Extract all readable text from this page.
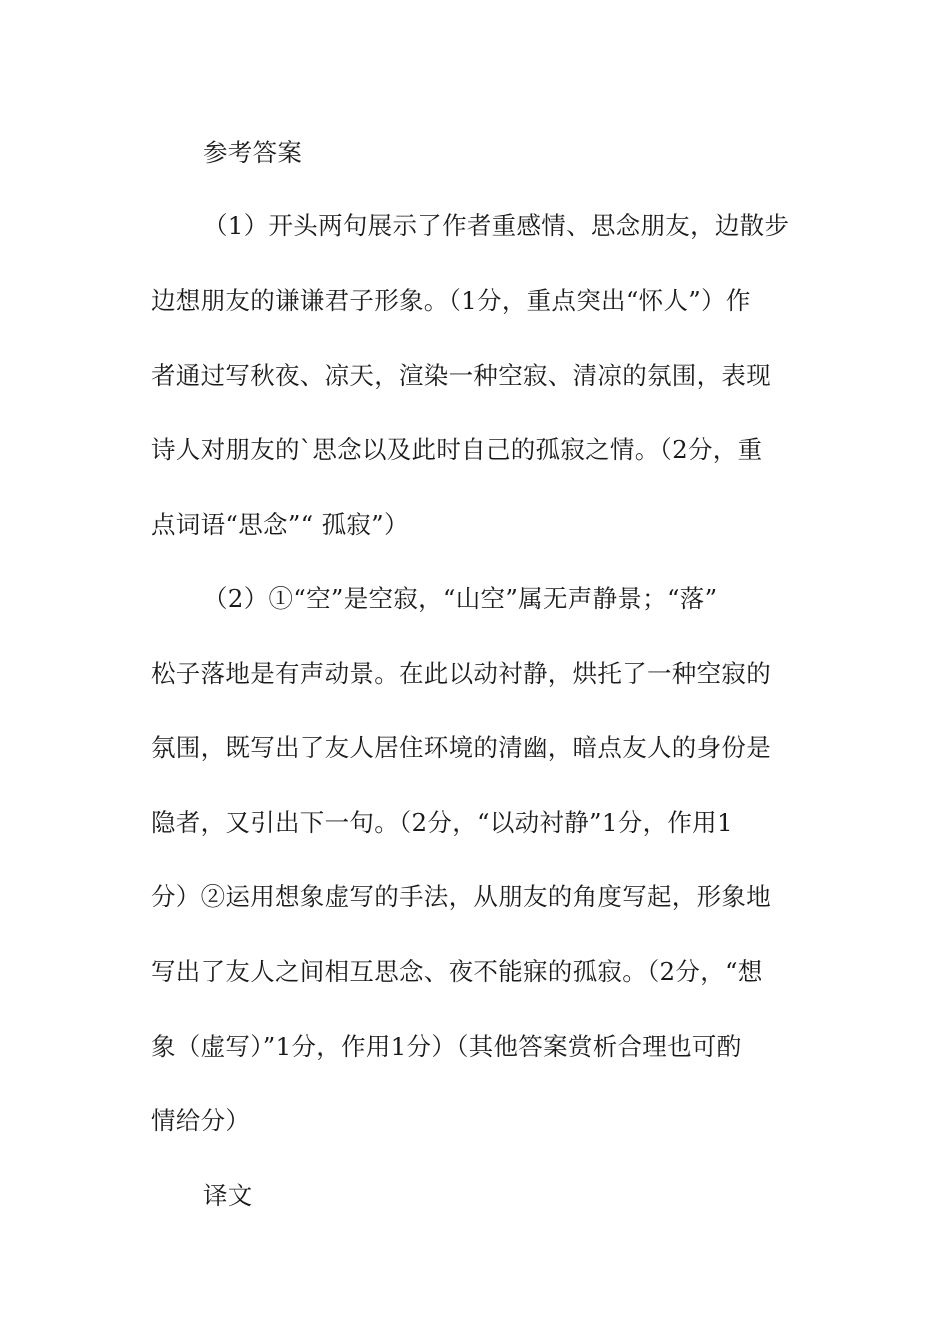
参考答案
（1）开头两句展示了作者重感情、思念朋友，边散步
边想朋友的谦谦君子形象。（1分，重点突出“怀人”）作
者通过写秋夜、凉天，渲染一种空寂、清凉的氛围，表现
诗人对朋友的`思念以及此时自己的孤寂之情。（2分，重
点词语“思念”“ 孤寂”）
（2）①“空”是空寂，“山空”属无声静景；“落”
松子落地是有声动景。在此以动衬静，烘托了一种空寂的
氛围，既写出了友人居住环境的清幽，暗点友人的身份是
隐者，又引出下一句。（2分，“以动衬静”1分，作用1
分）②运用想象虚写的手法，从朋友的角度写起，形象地
写出了友人之间相互思念、夜不能寐的孤寂。（2分，“想
象（虚写）”1分，作用1分）（其他答案赏析合理也可酌
情给分）
译文
